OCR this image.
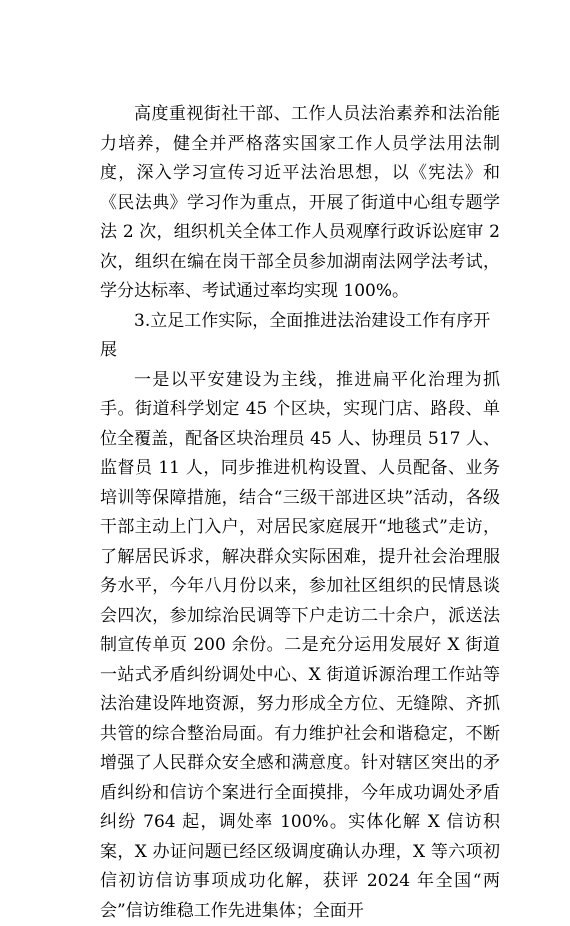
高度重视街社干部、工作人员法治素养和法治能力培养，健全并严格落实国家工作人员学法用法制度，深入学习宣传习近平法治思想，以《宪法》和《民法典》学习作为重点，开展了街道中心组专题学法 2 次，组织机关全体工作人员观摩行政诉讼庭审 2 次，组织在编在岗干部全员参加湖南法网学法考试，学分达标率、考试通过率均实现 100%。

3.立足工作实际，全面推进法治建设工作有序开展

一是以平安建设为主线，推进扁平化治理为抓手。街道科学划定 45 个区块，实现门店、路段、单位全覆盖，配备区块治理员 45 人、协理员 517 人、监督员 11 人，同步推进机构设置、人员配备、业务培训等保障措施，结合“三级干部进区块”活动，各级干部主动上门入户，对居民家庭展开“地毯式”走访，了解居民诉求，解决群众实际困难，提升社会治理服务水平，今年八月份以来，参加社区组织的民情恳谈会四次，参加综治民调等下户走访二十余户，派送法制宣传单页 200 余份。二是充分运用发展好 X 街道一站式矛盾纠纷调处中心、X 街道诉源治理工作站等法治建设阵地资源，努力形成全方位、无缝隙、齐抓共管的综合整治局面。有力维护社会和谐稳定，不断增强了人民群众安全感和满意度。针对辖区突出的矛盾纠纷和信访个案进行全面摸排，今年成功调处矛盾纠纷 764 起，调处率 100%。实体化解 X 信访积案，X 办证问题已经区级调度确认办理，X 等六项初信初访信访事项成功化解，获评 2024 年全国“两会”信访维稳工作先进集体；全面开
